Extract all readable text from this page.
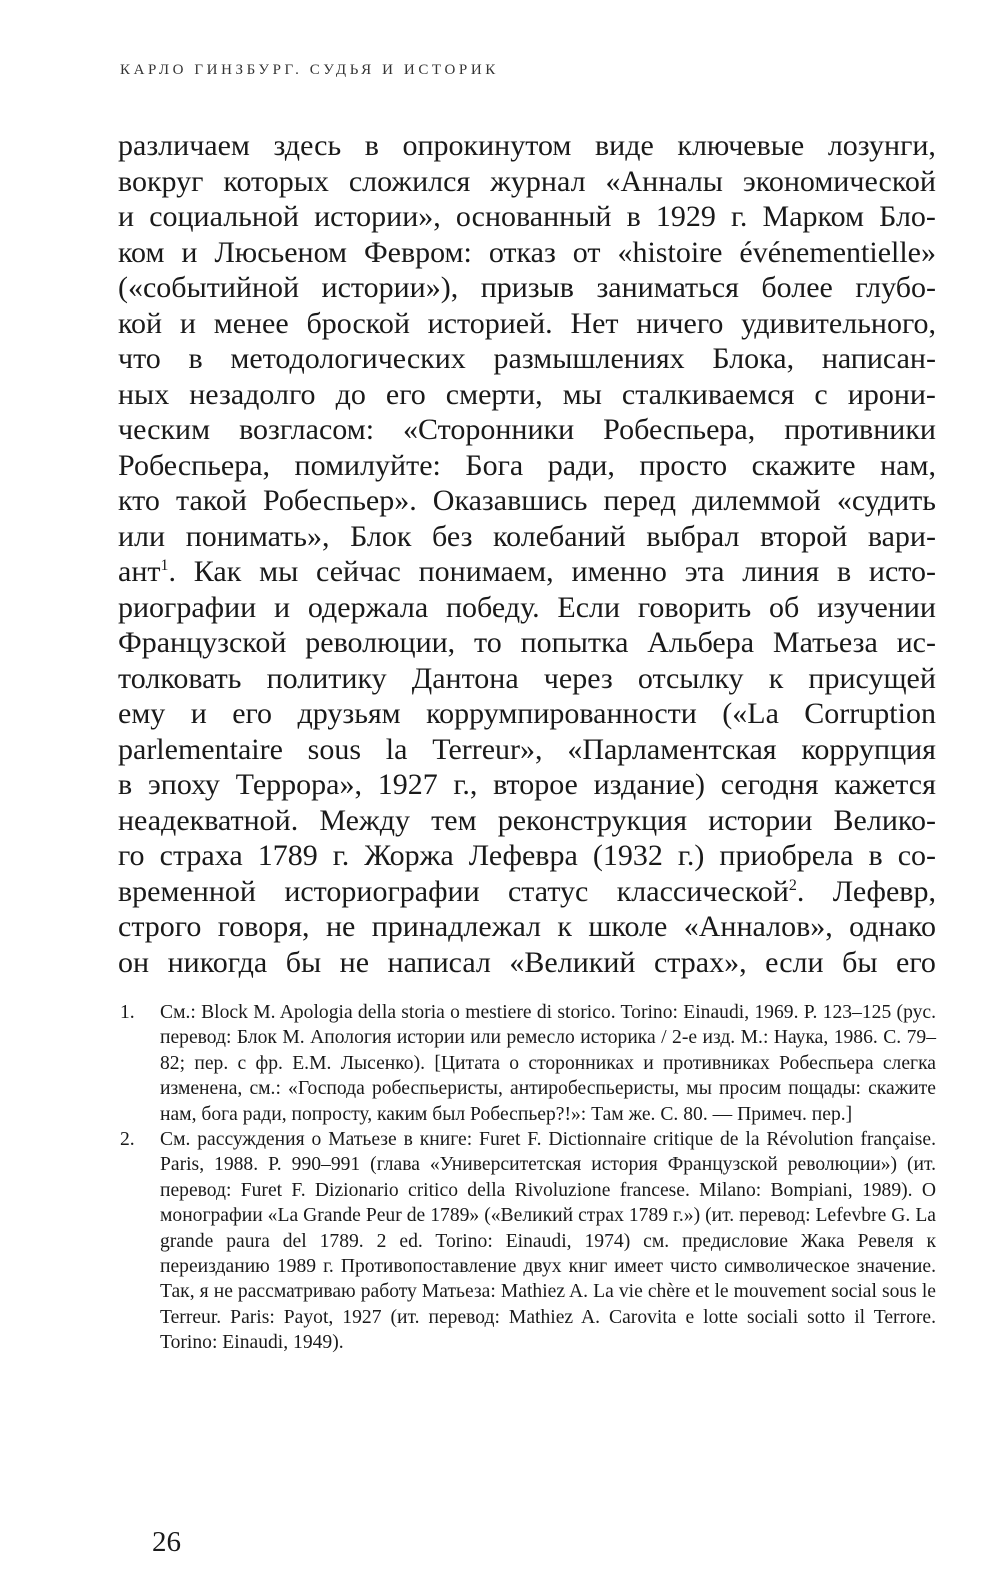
КАРЛО ГИНЗБУРГ. СУДЬЯ И ИСТОРИК
различаем здесь в опрокинутом виде ключевые лозунги,
вокруг которых сложился журнал «Анналы экономической
и социальной истории», основанный в 1929 г. Марком Бло-
ком и Люсьеном Февром: отказ от «histoire événementielle»
(«событийной истории»), призыв заниматься более глубо-
кой и менее броской историей. Нет ничего удивительного,
что в методологических размышлениях Блока, написан-
ных незадолго до его смерти, мы сталкиваемся с ирони-
ческим возгласом: «Сторонники Робеспьера, противники
Робеспьера, помилуйте: Бога ради, просто скажите нам,
кто такой Робеспьер». Оказавшись перед дилеммой «судить
или понимать», Блок без колебаний выбрал второй вари-
ант$^1$. Как мы сейчас понимаем, именно эта линия в исто-
риографии и одержала победу. Если говорить об изучении
Французской революции, то попытка Альбера Матьеза ис-
толковать политику Дантона через отсылку к присущей
ему и его друзьям коррумпированности («La Corruption
parlementaire sous la Terreur», «Парламентская коррупция
в эпоху Террора», 1927 г., второе издание) сегодня кажется
неадекватной. Между тем реконструкция истории Велико-
го страха 1789 г. Жоржа Лефевра (1932 г.) приобрела в со-
временной историографии статус классической$^2$. Лефевр,
строго говоря, не принадлежал к школе «Анналов», однако
он никогда бы не написал «Великий страх», если бы его
1.	См.: Block M. Apologia della storia o mestiere di storico. Torino: Einaudi, 1969. P. 123–125 (рус. перевод: Блок М. Апология истории или ремесло историка / 2-е изд. М.: Наука, 1986. С. 79–82; пер. с фр. Е.М. Лысенко). [Цитата о сторонниках и противниках Робеспьера слегка изменена, см.: «Господа робеспьеристы, антиробеспьеристы, мы просим пощады: скажите нам, бога ради, попросту, каким был Робеспьер?!»: Там же. С. 80. — Примеч. пер.]
2.	См. рассуждения о Матьезе в книге: Furet F. Dictionnaire critique de la Révolution française. Paris, 1988. P. 990–991 (глава «Университетская история Французской революции») (ит. перевод: Furet F. Dizionario critico della Rivoluzione francese. Milano: Bompiani, 1989). О монографии «La Grande Peur de 1789» («Великий страх 1789 г.») (ит. перевод: Lefevbre G. La grande paura del 1789. 2 ed. Torino: Einaudi, 1974) см. предисловие Жака Ревеля к переизданию 1989 г. Противопоставление двух книг имеет чисто символическое значение. Так, я не рассматриваю работу Матьеза: Mathiez A. La vie chère et le mouvement social sous le Terreur. Paris: Payot, 1927 (ит. перевод: Mathiez A. Carovita e lotte sociali sotto il Terrore. Torino: Einaudi, 1949).
26
